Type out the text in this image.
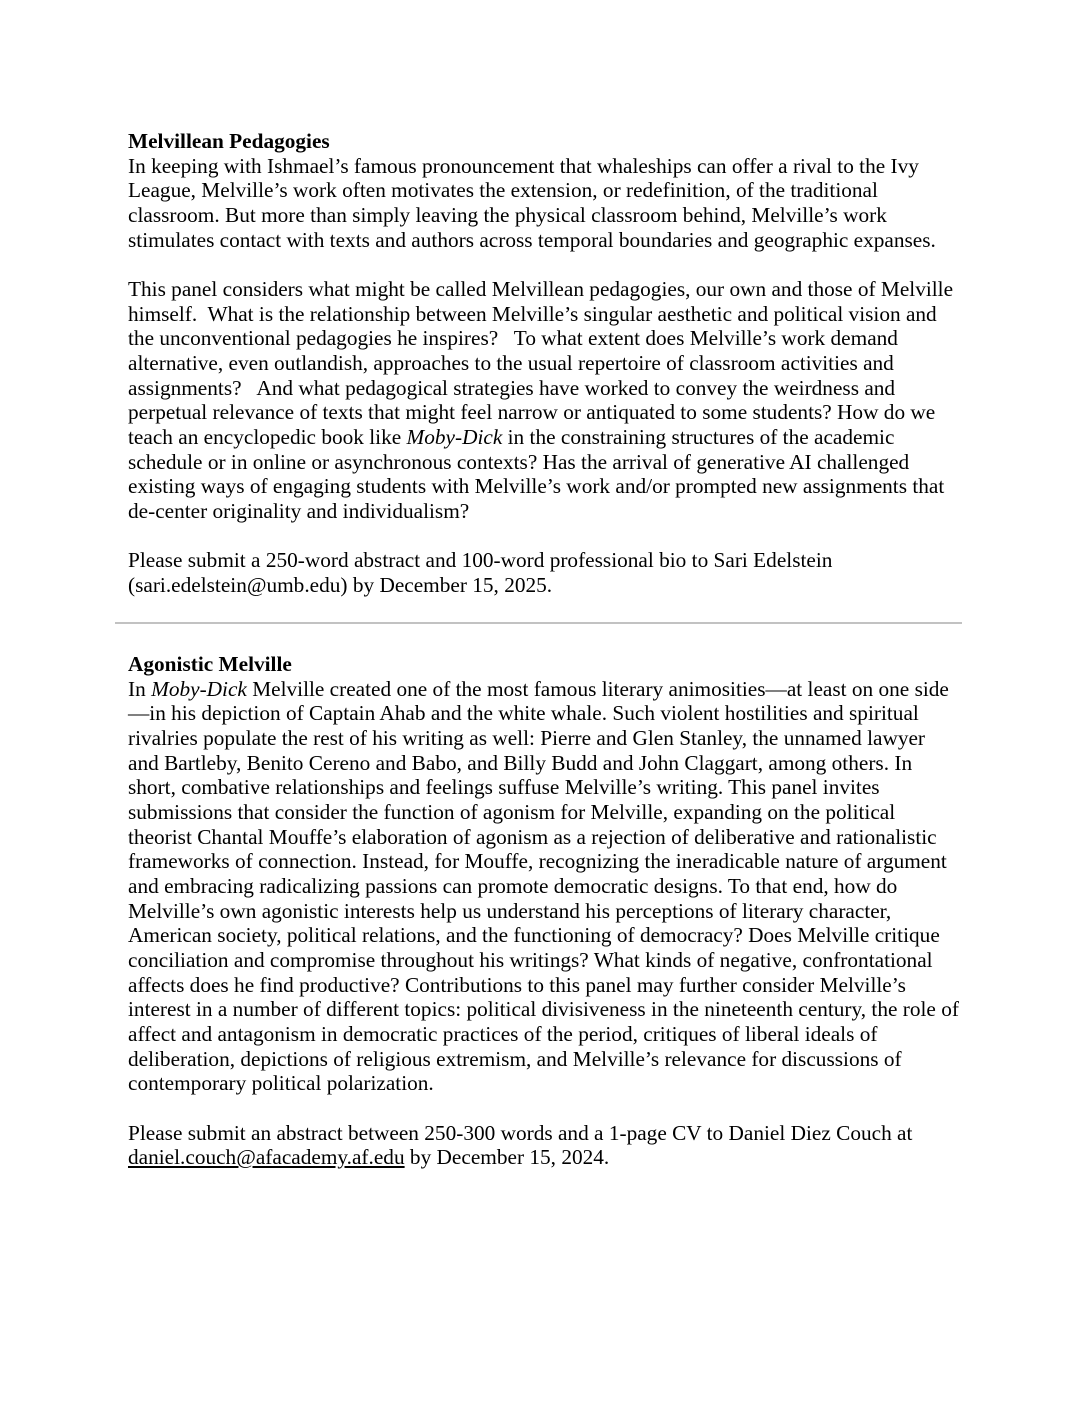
Melvillean Pedagogies

In keeping with Ishmael’s famous pronouncement that whaleships can offer a rival to the Ivy League, Melville’s work often motivates the extension, or redefinition, of the traditional classroom. But more than simply leaving the physical classroom behind, Melville’s work stimulates contact with texts and authors across temporal boundaries and geographic expanses.

This panel considers what might be called Melvillean pedagogies, our own and those of Melville himself.  What is the relationship between Melville’s singular aesthetic and political vision and the unconventional pedagogies he inspires?   To what extent does Melville’s work demand alternative, even outlandish, approaches to the usual repertoire of classroom activities and assignments?   And what pedagogical strategies have worked to convey the weirdness and perpetual relevance of texts that might feel narrow or antiquated to some students? How do we teach an encyclopedic book like Moby-Dick in the constraining structures of the academic schedule or in online or asynchronous contexts? Has the arrival of generative AI challenged existing ways of engaging students with Melville’s work and/or prompted new assignments that de-center originality and individualism?

Please submit a 250-word abstract and 100-word professional bio to Sari Edelstein (sari.edelstein@umb.edu) by December 15, 2025.

Agonistic Melville

In Moby-Dick Melville created one of the most famous literary animosities—at least on one side—in his depiction of Captain Ahab and the white whale. Such violent hostilities and spiritual rivalries populate the rest of his writing as well: Pierre and Glen Stanley, the unnamed lawyer and Bartleby, Benito Cereno and Babo, and Billy Budd and John Claggart, among others. In short, combative relationships and feelings suffuse Melville’s writing. This panel invites submissions that consider the function of agonism for Melville, expanding on the political theorist Chantal Mouffe’s elaboration of agonism as a rejection of deliberative and rationalistic frameworks of connection. Instead, for Mouffe, recognizing the ineradicable nature of argument and embracing radicalizing passions can promote democratic designs. To that end, how do Melville’s own agonistic interests help us understand his perceptions of literary character, American society, political relations, and the functioning of democracy? Does Melville critique conciliation and compromise throughout his writings? What kinds of negative, confrontational affects does he find productive? Contributions to this panel may further consider Melville’s interest in a number of different topics: political divisiveness in the nineteenth century, the role of affect and antagonism in democratic practices of the period, critiques of liberal ideals of deliberation, depictions of religious extremism, and Melville’s relevance for discussions of contemporary political polarization.

Please submit an abstract between 250-300 words and a 1-page CV to Daniel Diez Couch at daniel.couch@afacademy.af.edu by December 15, 2024.
